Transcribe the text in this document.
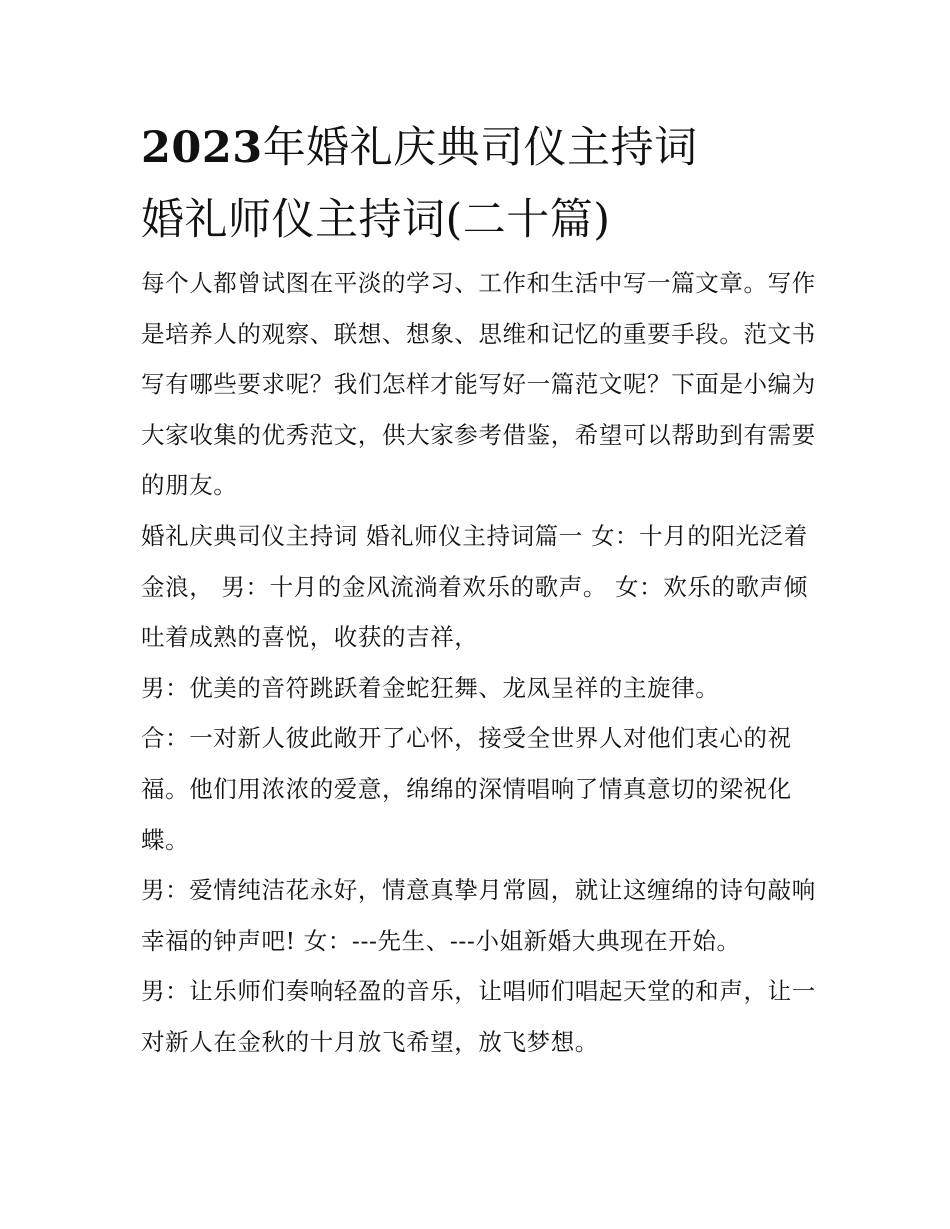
2023年婚礼庆典司仪主持词
婚礼师仪主持词(二十篇)

每个人都曾试图在平淡的学习、工作和生活中写一篇文章。写作是培养人的观察、联想、想象、思维和记忆的重要手段。范文书写有哪些要求呢？我们怎样才能写好一篇范文呢？下面是小编为大家收集的优秀范文，供大家参考借鉴，希望可以帮助到有需要的朋友。

婚礼庆典司仪主持词 婚礼师仪主持词篇一 女：十月的阳光泛着金浪， 男：十月的金风流淌着欢乐的歌声。 女：欢乐的歌声倾吐着成熟的喜悦，收获的吉祥，

男：优美的音符跳跃着金蛇狂舞、龙凤呈祥的主旋律。

合：一对新人彼此敞开了心怀，接受全世界人对他们衷心的祝福。他们用浓浓的爱意，绵绵的深情唱响了情真意切的梁祝化蝶。

男：爱情纯洁花永好，情意真挚月常圆，就让这缠绵的诗句敲响幸福的钟声吧! 女：---先生、---小姐新婚大典现在开始。

男：让乐师们奏响轻盈的音乐，让唱师们唱起天堂的和声，让一对新人在金秋的十月放飞希望，放飞梦想。
